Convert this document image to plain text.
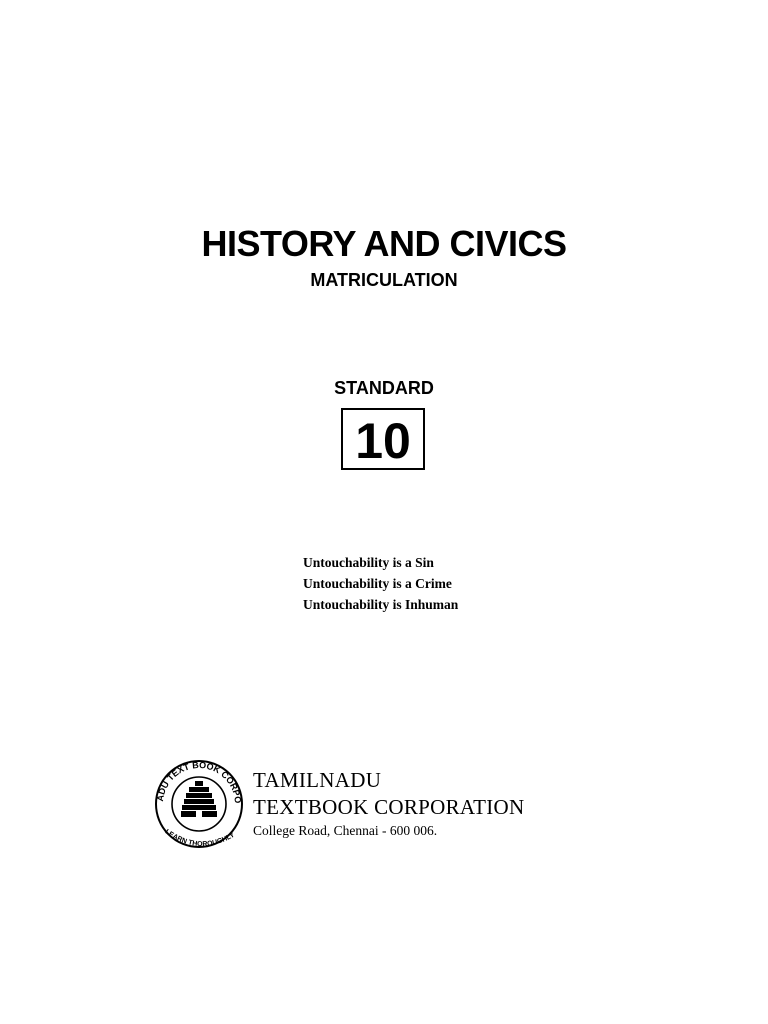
HISTORY AND CIVICS
MATRICULATION
STANDARD
10
Untouchability is a Sin
Untouchability is a Crime
Untouchability is Inhuman
ADU TEXT BOOK CORPO
LEARN THOROUGHLY
TAMILNADU
TEXTBOOK CORPORATION
College Road, Chennai - 600 006.
